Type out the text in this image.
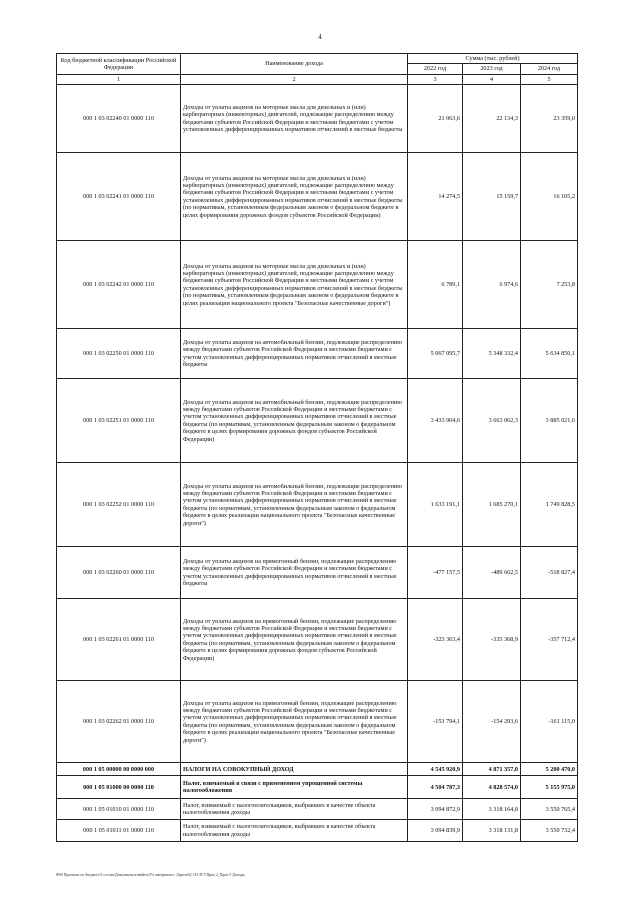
4
Код бюджетной классификации Российской Федерации	Наименование дохода	Сумма (тыс. рублей)		
		2022 год	2023 год	2024 год
1	2	3	4	5
000 1 03 02240 01 0000 110	Доходы от уплаты акцизов на моторные масла для дизельных и (или) карбюраторных (инжекторных) двигателей, подлежащие распределению между бюджетами субъектов Российской Федерации и местными бюджетами с учетом установленных дифференцированных нормативов отчислений в местные бюджеты	21 063,6	22 134,3	23 359,0
000 1 03 02241 01 0000 110	Доходы от уплаты акцизов на моторные масла для дизельных и (или) карбюраторных (инжекторных) двигателей, подлежащие распределению между бюджетами субъектов Российской Федерации и местными бюджетами с учетом установленных дифференцированных нормативов отчислений в местные бюджеты (по нормативам, установленным федеральным законом о федеральном бюджете в целях формирования дорожных фондов субъектов Российской Федерации)	14 274,5	15 159,7	16 105,2
000 1 03 02242 01 0000 110	Доходы от уплаты акцизов на моторные масла для дизельных и (или) карбюраторных (инжекторных) двигателей, подлежащие распределению между бюджетами субъектов Российской Федерации и местными бюджетами с учетом установленных дифференцированных нормативов отчислений в местные бюджеты (по нормативам, установленным федеральным законом о федеральном бюджете в целях реализации национального проекта "Безопасные качественные дороги")	6 789,1	6 974,6	7 253,8
000 1 03 02250 01 0000 110	Доходы от уплаты акцизов на автомобильный бензин, подлежащие распределению между бюджетами субъектов Российской Федерации и местными бюджетами с учетом установленных дифференцированных нормативов отчислений в местные бюджеты	5 067 095,7	5 348 332,4	5 634 850,1
000 1 03 02251 01 0000 110	Доходы от уплаты акцизов на автомобильный бензин, подлежащие распределению между бюджетами субъектов Российской Федерации и местными бюджетами с учетом установленных дифференцированных нормативов отчислений в местные бюджеты (по нормативам, установленным федеральным законом о федеральном бюджете в целях формирования дорожных фондов субъектов Российской Федерации)	3 433 904,6	3 663 062,3	3 885 021,6
000 1 03 02252 01 0000 110	Доходы от уплаты акцизов на автомобильный бензин, подлежащие распределению между бюджетами субъектов Российской Федерации и местными бюджетами с учетом установленных дифференцированных нормативов отчислений в местные бюджеты (по нормативам, установленным федеральным законом о федеральном бюджете в целях реализации национального проекта "Безопасные качественные дороги")	1 633 191,1	1 685 270,1	1 749 828,5
000 1 03 02260 01 0000 110	Доходы от уплаты акцизов на прямогонный бензин, подлежащие распределению между бюджетами субъектов Российской Федерации и местными бюджетами с учетом установленных дифференцированных нормативов отчислений в местные бюджеты	-477 157,5	-489 662,5	-518 827,4
000 1 03 02261 01 0000 110	Доходы от уплаты акцизов на прямогонный бензин, подлежащие распределению между бюджетами субъектов Российской Федерации и местными бюджетами с учетом установленных дифференцированных нормативов отчислений в местные бюджеты (по нормативам, установленным федеральным законом о федеральном бюджете в целях формирования дорожных фондов субъектов Российской Федерации)	-323 363,4	-335 368,9	-357 712,4
000 1 03 02262 01 0000 110	Доходы от уплаты акцизов на прямогонный бензин, подлежащие распределению между бюджетами субъектов Российской Федерации и местными бюджетами с учетом установленных дифференцированных нормативов отчислений в местные бюджеты (по нормативам, установленным федеральным законом о федеральном бюджете в целях реализации национального проекта "Безопасные качественные дороги")	-153 794,1	-154 293,6	-161 115,0
000 1 05 00000 00 0000 000	НАЛОГИ НА СОВОКУПНЫЙ ДОХОД	4 545 920,9	4 871 357,0	5 200 470,0
000 1 05 01000 00 0000 110	Налог, взимаемый в связи с применением упрощенной системы налогообложения	4 504 787,3	4 828 574,0	5 155 975,0
000 1 05 01010 01 0000 110	Налог, взимаемый с налогоплательщиков, выбравших в качестве объекта налогообложения доходы	3 094 872,9	3 318 164,8	3 550 765,4
000 1 05 01011 01 0000 110	Налог, взимаемый с налогоплательщиков, выбравших в качестве объекта налогообложения доходы	3 094 839,9	3 318 131,8	3 550 732,4
Ф90 Проектно по бюджету\3 сессия\Документы кзвъйета\Уч материалы с Ларезе\Ы 315-П-7\Прил 2_Прил 5 Доходы
